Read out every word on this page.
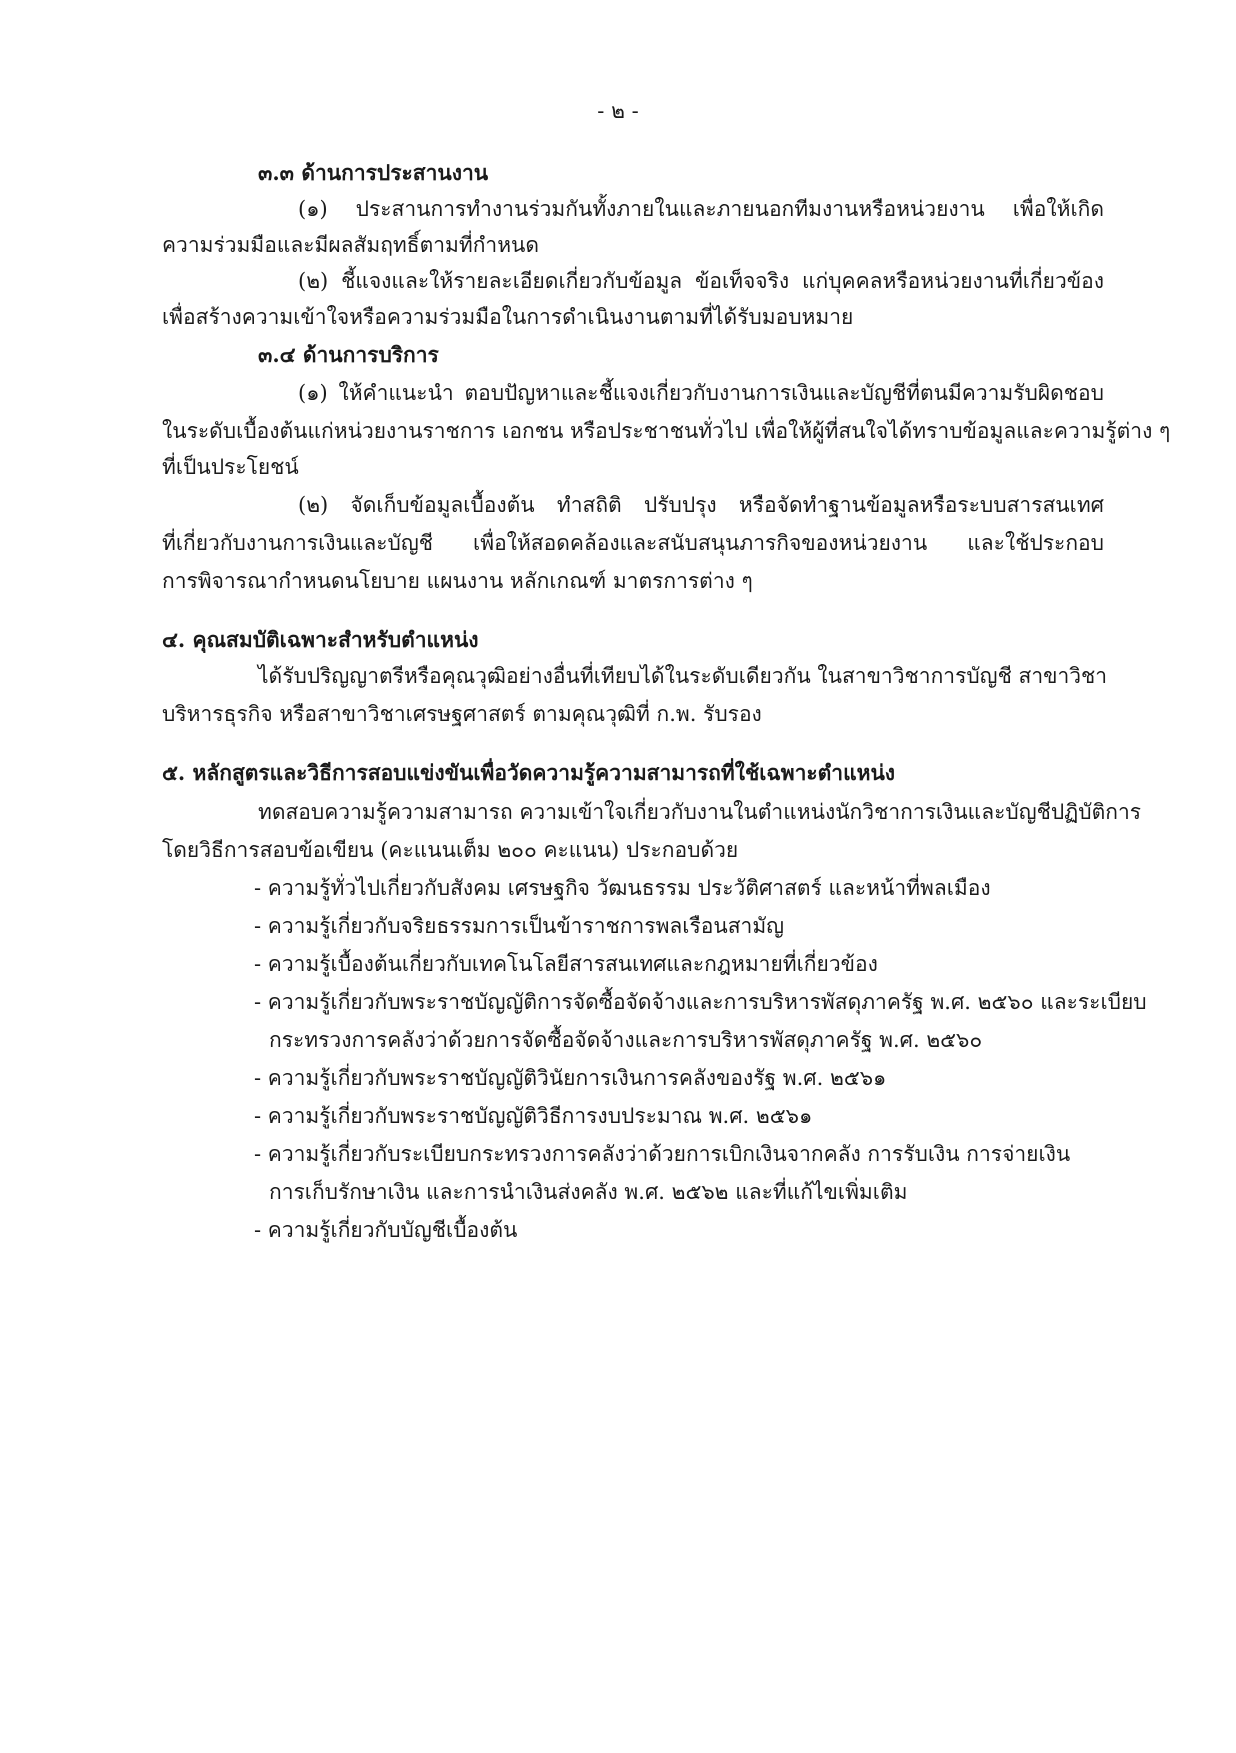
- ๒ -
๓.๓ ด้านการประสานงาน
(๑) ประสานการทำงานร่วมกันทั้งภายในและภายนอกทีมงานหรือหน่วยงาน เพื่อให้เกิด
ความร่วมมือและมีผลสัมฤทธิ์ตามที่กำหนด
(๒) ชี้แจงและให้รายละเอียดเกี่ยวกับข้อมูล ข้อเท็จจริง แก่บุคคลหรือหน่วยงานที่เกี่ยวข้อง
เพื่อสร้างความเข้าใจหรือความร่วมมือในการดำเนินงานตามที่ได้รับมอบหมาย
๓.๔ ด้านการบริการ
(๑) ให้คำแนะนำ ตอบปัญหาและชี้แจงเกี่ยวกับงานการเงินและบัญชีที่ตนมีความรับผิดชอบ
ในระดับเบื้องต้นแก่หน่วยงานราชการ เอกชน หรือประชาชนทั่วไป เพื่อให้ผู้ที่สนใจได้ทราบข้อมูลและความรู้ต่าง ๆ
ที่เป็นประโยชน์
(๒) จัดเก็บข้อมูลเบื้องต้น ทำสถิติ ปรับปรุง หรือจัดทำฐานข้อมูลหรือระบบสารสนเทศ
ที่เกี่ยวกับงานการเงินและบัญชี เพื่อให้สอดคล้องและสนับสนุนภารกิจของหน่วยงาน และใช้ประกอบ
การพิจารณากำหนดนโยบาย แผนงาน หลักเกณฑ์ มาตรการต่าง ๆ
๔. คุณสมบัติเฉพาะสำหรับตำแหน่ง
ได้รับปริญญาตรีหรือคุณวุฒิอย่างอื่นที่เทียบได้ในระดับเดียวกัน ในสาขาวิชาการบัญชี สาขาวิชา
บริหารธุรกิจ หรือสาขาวิชาเศรษฐศาสตร์ ตามคุณวุฒิที่ ก.พ. รับรอง
๕. หลักสูตรและวิธีการสอบแข่งขันเพื่อวัดความรู้ความสามารถที่ใช้เฉพาะตำแหน่ง
ทดสอบความรู้ความสามารถ ความเข้าใจเกี่ยวกับงานในตำแหน่งนักวิชาการเงินและบัญชีปฏิบัติการ
โดยวิธีการสอบข้อเขียน (คะแนนเต็ม ๒๐๐ คะแนน) ประกอบด้วย
- ความรู้ทั่วไปเกี่ยวกับสังคม เศรษฐกิจ วัฒนธรรม ประวัติศาสตร์ และหน้าที่พลเมือง
- ความรู้เกี่ยวกับจริยธรรมการเป็นข้าราชการพลเรือนสามัญ
- ความรู้เบื้องต้นเกี่ยวกับเทคโนโลยีสารสนเทศและกฎหมายที่เกี่ยวข้อง
- ความรู้เกี่ยวกับพระราชบัญญัติการจัดซื้อจัดจ้างและการบริหารพัสดุภาครัฐ พ.ศ. ๒๕๖๐ และระเบียบ
กระทรวงการคลังว่าด้วยการจัดซื้อจัดจ้างและการบริหารพัสดุภาครัฐ พ.ศ. ๒๕๖๐
- ความรู้เกี่ยวกับพระราชบัญญัติวินัยการเงินการคลังของรัฐ พ.ศ. ๒๕๖๑
- ความรู้เกี่ยวกับพระราชบัญญัติวิธีการงบประมาณ พ.ศ. ๒๕๖๑
- ความรู้เกี่ยวกับระเบียบกระทรวงการคลังว่าด้วยการเบิกเงินจากคลัง การรับเงิน การจ่ายเงิน
การเก็บรักษาเงิน และการนำเงินส่งคลัง พ.ศ. ๒๕๖๒ และที่แก้ไขเพิ่มเติม
- ความรู้เกี่ยวกับบัญชีเบื้องต้น
